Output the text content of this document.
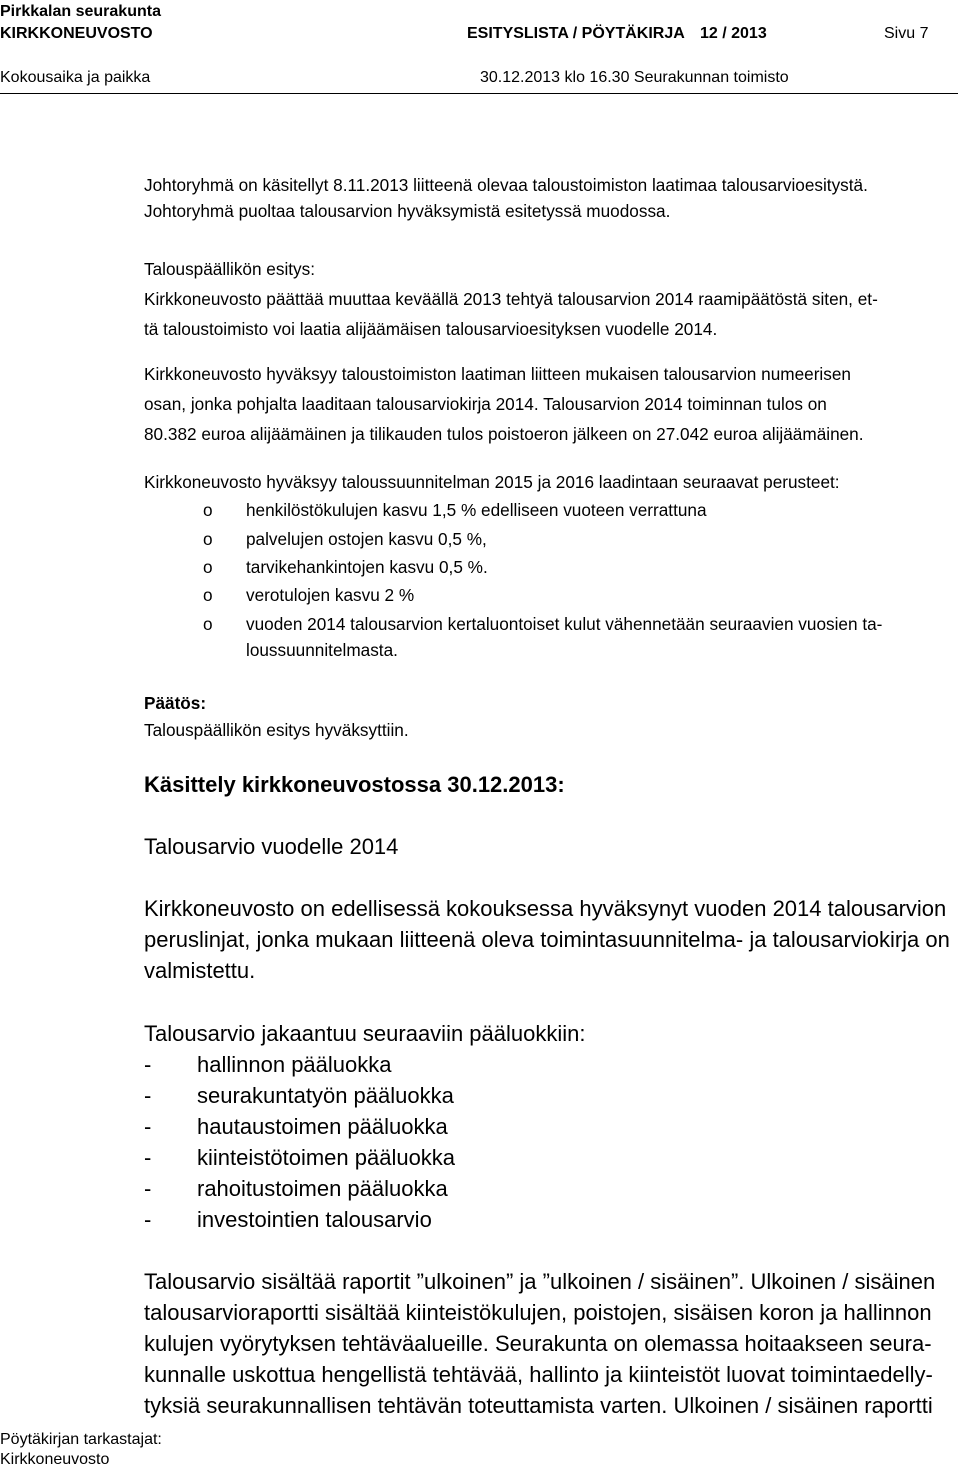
Pirkkalan seurakunta
KIRKKONEUVOSTO	ESITYSLISTA / PÖYTÄKIRJA 12 / 2013	Sivu 7
Kokousaika ja paikka	30.12.2013 klo 16.30 Seurakunnan toimisto
Johtoryhmä on käsitellyt 8.11.2013 liitteenä olevaa taloustoimiston laatimaa talousarvioesitystä.
Johtoryhmä puoltaa talousarvion hyväksymistä esitetyssä muodossa.
Talouspäällikön esitys:
Kirkkoneuvosto päättää muuttaa keväällä 2013 tehtyä talousarvion 2014 raamipäätöstä siten, et-
tä taloustoimisto voi laatia alijäämäisen talousarvioesityksen vuodelle 2014.
Kirkkoneuvosto hyväksyy taloustoimiston laatiman liitteen mukaisen talousarvion numeerisen
osan, jonka pohjalta laaditaan talousarviokirja 2014. Talousarvion 2014 toiminnan tulos on
80.382 euroa alijäämäinen ja tilikauden tulos poistoeron jälkeen on 27.042 euroa alijäämäinen.
Kirkkoneuvosto hyväksyy taloussuunnitelman 2015 ja 2016 laadintaan seuraavat perusteet:
o henkilöstökulujen kasvu 1,5 % edelliseen vuoteen verrattuna
o palvelujen ostojen kasvu 0,5 %,
o tarvikehankintojen kasvu 0,5 %.
o verotulojen kasvu 2 %
o vuoden 2014 talousarvion kertaluontoiset kulut vähennetään seuraavien vuosien ta-
loussuunnitelmasta.
Päätös:
Talouspäällikön esitys hyväksyttiin.
Käsittely kirkkoneuvostossa 30.12.2013:
Talousarvio vuodelle 2014
Kirkkoneuvosto on edellisessä kokouksessa hyväksynyt vuoden 2014 talousarvion
peruslinjat, jonka mukaan liitteenä oleva toimintasuunnitelma- ja talousarviokirja on
valmistettu.
Talousarvio jakaantuu seuraaviin pääluokkiin:
- hallinnon pääluokka
- seurakuntatyön pääluokka
- hautaustoimen pääluokka
- kiinteistötoimen pääluokka
- rahoitustoimen pääluokka
- investointien talousarvio
Talousarvio sisältää raportit ”ulkoinen” ja ”ulkoinen / sisäinen”. Ulkoinen / sisäinen
talousarvioraportti sisältää kiinteistökulujen, poistojen, sisäisen koron ja hallinnon
kulujen vyörytyksen tehtäväalueille. Seurakunta on olemassa hoitaakseen seura-
kunnalle uskottua hengellistä tehtävää, hallinto ja kiinteistöt luovat toimintaedelly-
tyksiä seurakunnallisen tehtävän toteuttamista varten. Ulkoinen / sisäinen raportti
Pöytäkirjan tarkastajat:
Kirkkoneuvosto
